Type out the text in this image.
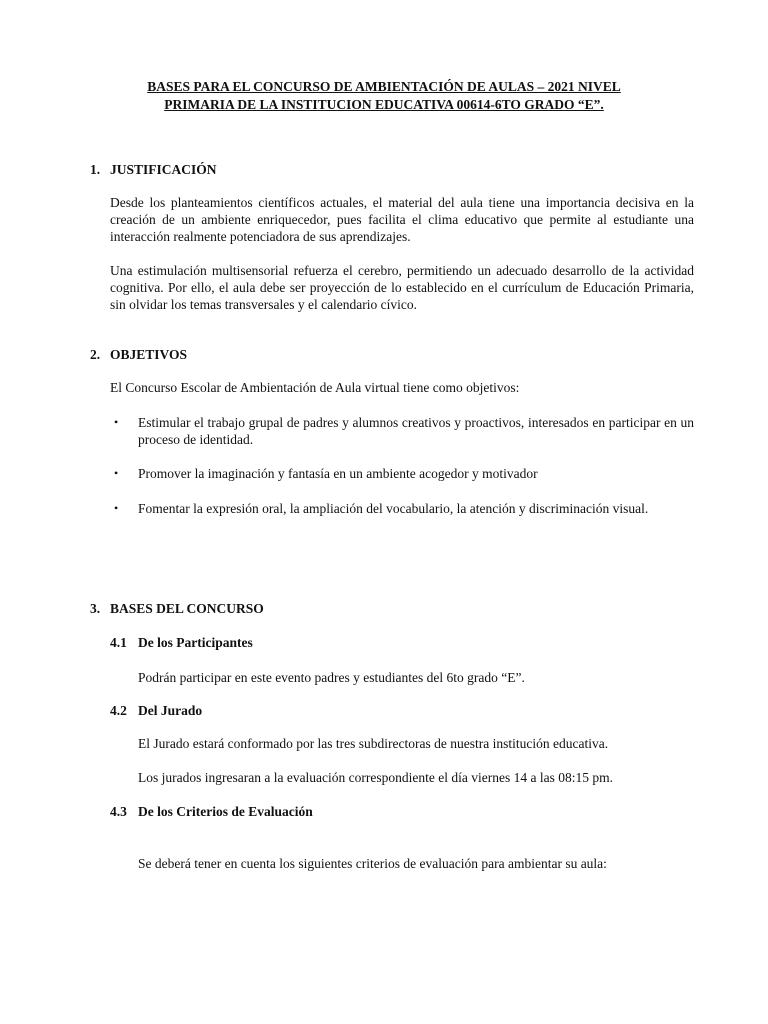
BASES PARA EL CONCURSO DE AMBIENTACIÓN DE AULAS – 2021 NIVEL
PRIMARIA DE LA INSTITUCION EDUCATIVA 00614-6TO GRADO “E”.
1. JUSTIFICACIÓN
Desde los planteamientos científicos actuales, el material del aula tiene una importancia decisiva en la creación de un ambiente enriquecedor, pues facilita el clima educativo que permite al estudiante una interacción realmente potenciadora de sus aprendizajes.
Una estimulación multisensorial refuerza el cerebro, permitiendo un adecuado desarrollo de la actividad cognitiva. Por ello, el aula debe ser proyección de lo establecido en el currículum de Educación Primaria, sin olvidar los temas transversales y el calendario cívico.
2. OBJETIVOS
El Concurso Escolar de Ambientación de Aula virtual tiene como objetivos:
• Estimular el trabajo grupal de padres y alumnos creativos y proactivos, interesados en participar en un proceso de identidad.
• Promover la imaginación y fantasía en un ambiente acogedor y motivador
• Fomentar la expresión oral, la ampliación del vocabulario, la atención y discriminación visual.
3. BASES DEL CONCURSO
4.1 De los Participantes
Podrán participar en este evento padres y estudiantes del 6to grado “E”.
4.2 Del Jurado
El Jurado estará conformado por las tres subdirectoras de nuestra institución educativa.
Los jurados ingresaran a la evaluación correspondiente el día viernes 14 a las 08:15 pm.
4.3 De los Criterios de Evaluación
Se deberá tener en cuenta los siguientes criterios de evaluación para ambientar su aula:
